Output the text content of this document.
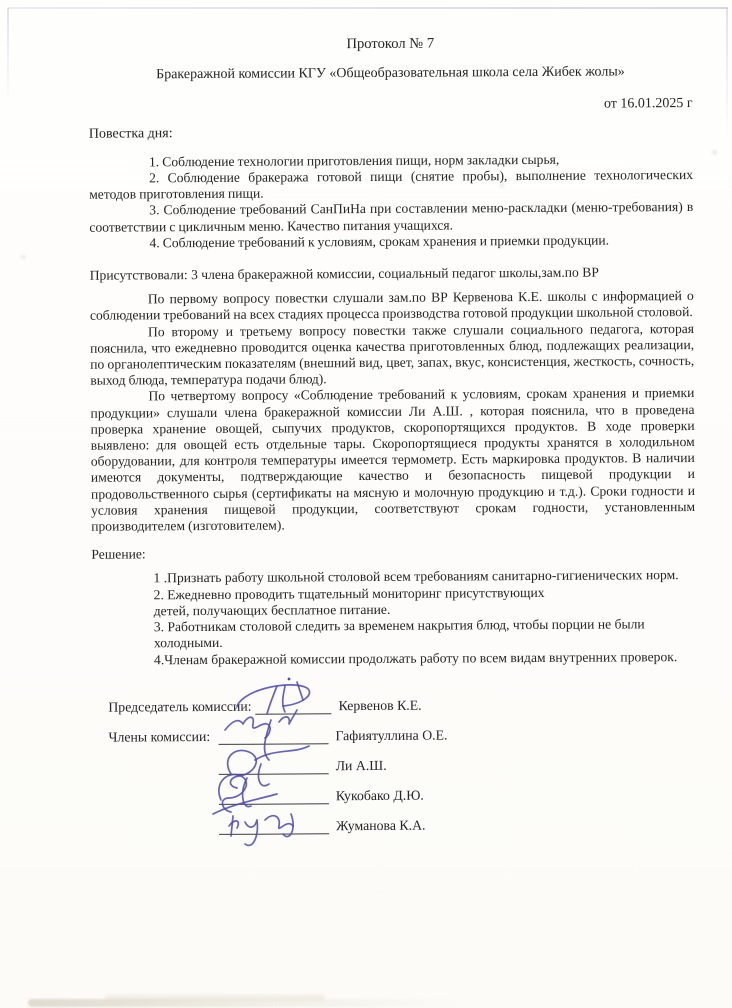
Протокол № 7
Бракеражной комиссии КГУ «Общеобразовательная школа села Жибек жолы»
от 16.01.2025 г
Повестка дня:

1. Соблюдение технологии приготовления пищи, норм закладки сырья,

2. Соблюдение бракеража готовой пищи (снятие пробы), выполнение технологических методов приготовления пищи.

3. Соблюдение требований СанПиНа при составлении меню-раскладки (меню-требования) в соответствии с цикличным меню. Качество питания учащихся.

4. Соблюдение требований к условиям, срокам хранения и приемки продукции.

Присутствовали: 3 члена бракеражной комиссии, социальный педагог школы,зам.по ВР

По первому вопросу повестки слушали зам.по ВР Кервенова К.Е. школы с информацией о соблюдении требований на всех стадиях процесса производства готовой продукции школьной столовой.

По второму и третьему вопросу повестки также слушали социального педагога, которая пояснила, что ежедневно проводится оценка качества приготовленных блюд, подлежащих реализации, по органолептическим показателям (внешний вид, цвет, запах, вкус, консистенция, жесткость, сочность, выход блюда, температура подачи блюд).

По четвертому вопросу «Соблюдение требований к условиям, срокам хранения и приемки продукции» слушали члена бракеражной комиссии Ли А.Ш. , которая пояснила, что в проведена проверка хранение овощей, сыпучих продуктов, скоропортящихся продуктов. В ходе проверки выявлено: для овощей есть отдельные тары. Скоропортящиеся продукты хранятся в холодильном оборудовании, для контроля температуры имеется термометр. Есть маркировка продуктов. В наличии имеются документы, подтверждающие качество и безопасность пищевой продукции и продовольственного сырья (сертификаты на мясную и молочную продукцию и т.д.). Сроки годности и условия хранения пищевой продукции, соответствуют срокам годности, установленным производителем (изготовителем).

Решение:

1 .Признать работу школьной столовой всем требованиям санитарно-гигиенических норм.

2. Ежедневно проводить тщательный мониторинг присутствующих детей, получающих бесплатное питание.

3. Работникам столовой следить за временем накрытия блюд, чтобы порции не были холодными.

4.Членам бракеражной комиссии продолжать работу по всем видам внутренних проверок.

Председатель комиссии:	Кервенов К.Е.
Члены комиссии:	Гафиятуллина О.Е.
Ли А.Ш.
Кукобако Д.Ю.
Жуманова К.А.
